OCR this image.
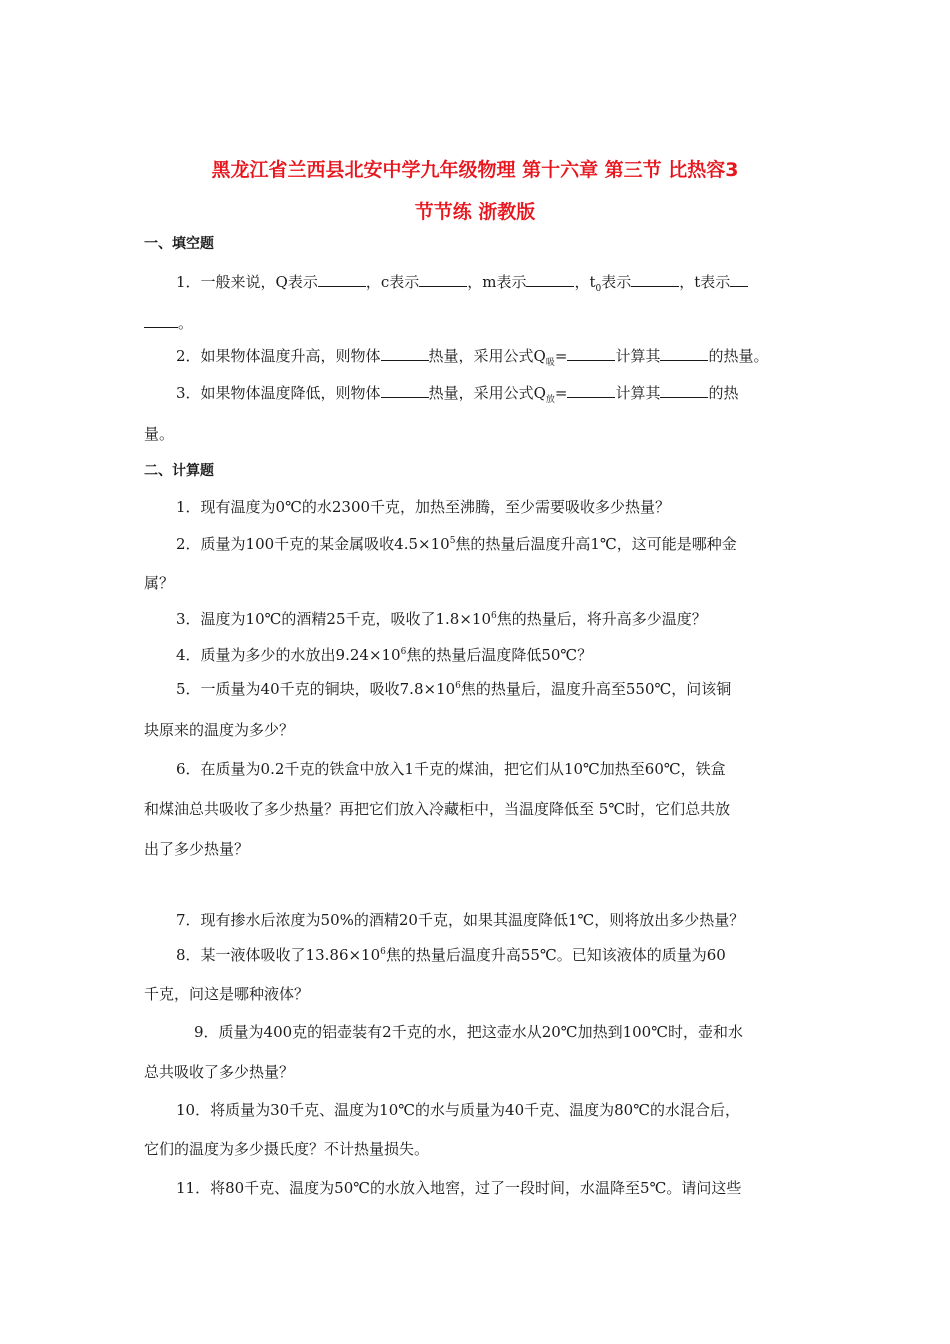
黑龙江省兰西县北安中学九年级物理 第十六章 第三节 比热容3
节节练 浙教版
一、填空题
1．一般来说，Q表示	，c表示	，m表示	，$t_0$表示	，t表示
。
2．如果物体温度升高，则物体	热量，采用公式$Q_吸=$	计算其	的热量。
3．如果物体温度降低，则物体	热量，采用公式$Q_放=$	计算其	的热
量。
二、计算题
1．现有温度为0℃的水2300千克，加热至沸腾，至少需要吸收多少热量？
2．质量为100千克的某金属吸收$4.5\times 10^5$焦的热量后温度升高1℃，这可能是哪种金
属？
3．温度为10℃的酒精25千克，吸收了$1.8\times 10^6$焦的热量后，将升高多少温度？
4．质量为多少的水放出$9.24\times 10^6$焦的热量后温度降低50℃？
5．一质量为40千克的铜块，吸收$7.8\times 10^6$焦的热量后，温度升高至550℃，问该铜
块原来的温度为多少？
6．在质量为0.2千克的铁盒中放入1千克的煤油，把它们从10℃加热至60℃，铁盒
和煤油总共吸收了多少热量？再把它们放入冷藏柜中，当温度降低至 5℃时，它们总共放
出了多少热量？
7．现有掺水后浓度为50%的酒精20千克，如果其温度降低1℃，则将放出多少热量？
8．某一液体吸收了$13.86\times 10^6$焦的热量后温度升高55℃。已知该液体的质量为60
千克，问这是哪种液体？
9．质量为400克的铝壶装有2千克的水，把这壶水从20℃加热到100℃时，壶和水
总共吸收了多少热量？
10．将质量为30千克、温度为10℃的水与质量为40千克、温度为80℃的水混合后，
它们的温度为多少摄氏度？不计热量损失。
11．将80千克、温度为50℃的水放入地窖，过了一段时间，水温降至5℃。请问这些
